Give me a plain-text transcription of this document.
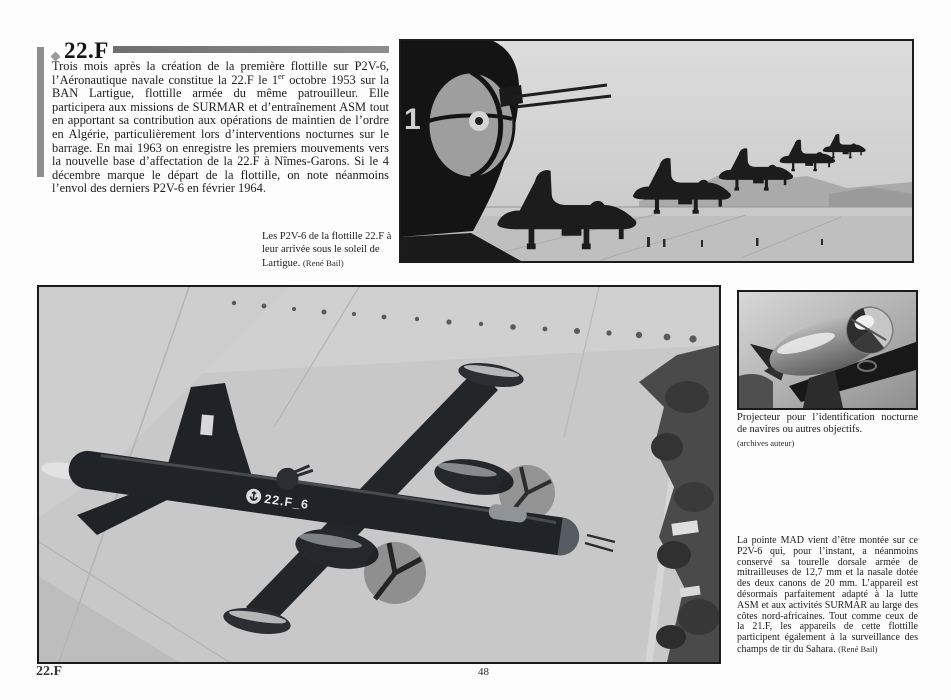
22.F

Trois mois après la création de la première flottille sur P2V-6, l’Aéronautique navale constitue la 22.F le 1er octobre 1953 sur la BAN Lartigue, flottille armée du même patrouilleur. Elle participera aux missions de SURMAR et d’entraînement ASM tout en apportant sa contribution aux opérations de maintien de l’ordre en Algérie, particulièrement lors d’interventions nocturnes sur le barrage. En mai 1963 on enregistre les premiers mouvements vers la nouvelle base d’affectation de la 22.F à Nîmes-Garons. Si le 4 décembre marque le départ de la flottille, on note néanmoins l’envol des derniers P2V-6 en février 1964.

Les P2V-6 de la flottille 22.F à leur arrivée sous le soleil de Lartigue. (René Bail)
1
22.F_6
Projecteur pour l’identification nocturne de navires ou autres objectifs.
(archives auteur)

La pointe MAD vient d’être montée sur ce P2V-6 qui, pour l’instant, a néanmoins conservé sa tourelle dorsale armée de mitrailleuses de 12,7 mm et la nasale dotée des deux canons de 20 mm. L’appareil est désormais parfaitement adapté à la lutte ASM et aux activités SURMAR au large des côtes nord-africaines. Tout comme ceux de la 21.F, les appareils de cette flottille participent également à la surveillance des champs de tir du Sahara. (René Bail)

22.F	48
